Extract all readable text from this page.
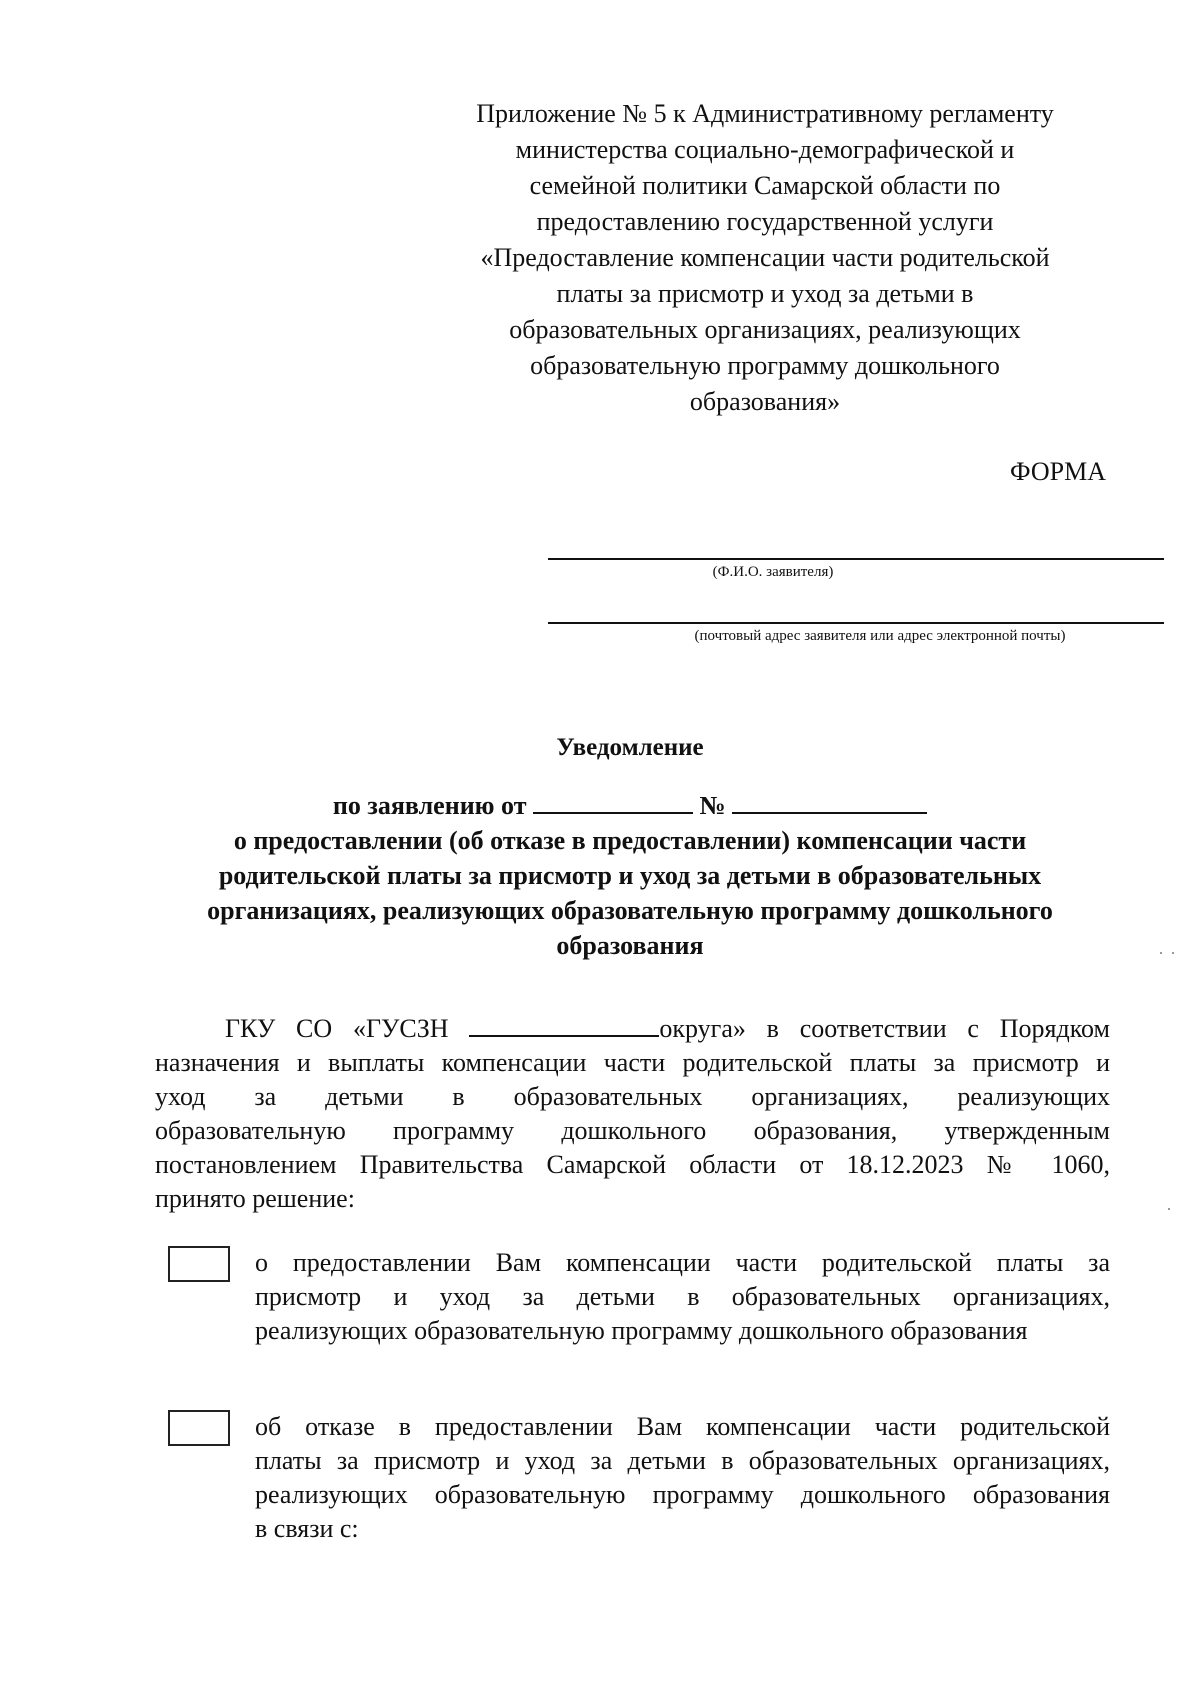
Приложение № 5 к Административному регламенту
министерства социально-демографической и
семейной политики Самарской области по
предоставлению государственной услуги
«Предоставление компенсации части родительской
платы за присмотр и уход за детьми в
образовательных организациях, реализующих
образовательную программу дошкольного
образования»
ФОРМА
(Ф.И.О. заявителя)
(почтовый адрес заявителя или адрес электронной почты)
Уведомление
по заявлению от	№
о предоставлении (об отказе в предоставлении) компенсации части
родительской платы за присмотр и уход за детьми в образовательных
организациях, реализующих образовательную программу дошкольного
образования
ГКУ СО «ГУСЗН	округа» в соответствии с Порядком
назначения и выплаты компенсации части родительской платы за присмотр и
уход за детьми в образовательных организациях, реализующих
образовательную программу дошкольного образования, утвержденным
постановлением Правительства Самарской области от 18.12.2023 № 1060,
принято решение:
о предоставлении Вам компенсации части родительской платы за
присмотр и уход за детьми в образовательных организациях,
реализующих образовательную программу дошкольного образования
об отказе в предоставлении Вам компенсации части родительской
платы за присмотр и уход за детьми в образовательных организациях,
реализующих образовательную программу дошкольного образования
в связи с:
